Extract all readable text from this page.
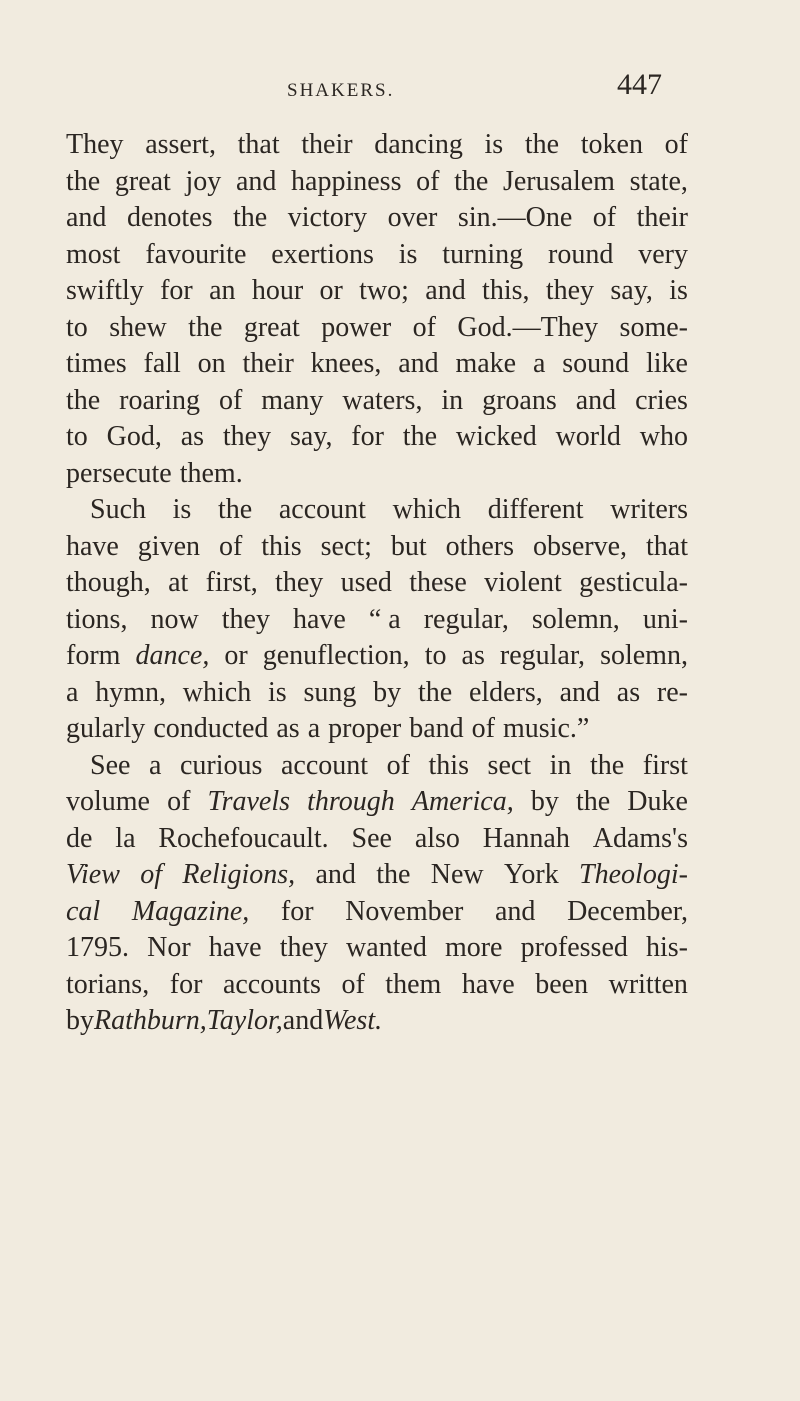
SHAKERS.	447
They assert, that their dancing is the token of
the great joy and happiness of the Jerusalem state,
and denotes the victory over sin.—One of their
most favourite exertions is turning round very
swiftly for an hour or two; and this, they say, is
to shew the great power of God.—They some-
times fall on their knees, and make a sound like
the roaring of many waters, in groans and cries
to God, as they say, for the wicked world who
persecute them.
Such is the account which different writers
have given of this sect; but others observe, that
though, at first, they used these violent gesticula-
tions, now they have “ a regular, solemn, uni-
form dance, or genuflection, to as regular, solemn,
a hymn, which is sung by the elders, and as re-
gularly conducted as a proper band of music.”
See a curious account of this sect in the first
volume of Travels through America, by the Duke
de la Rochefoucault. See also Hannah Adams's
View of Religions, and the New York Theologi-
cal Magazine, for November and December,
1795. Nor have they wanted more professed his-
torians, for accounts of them have been written
by Rathburn, Taylor, and West.
